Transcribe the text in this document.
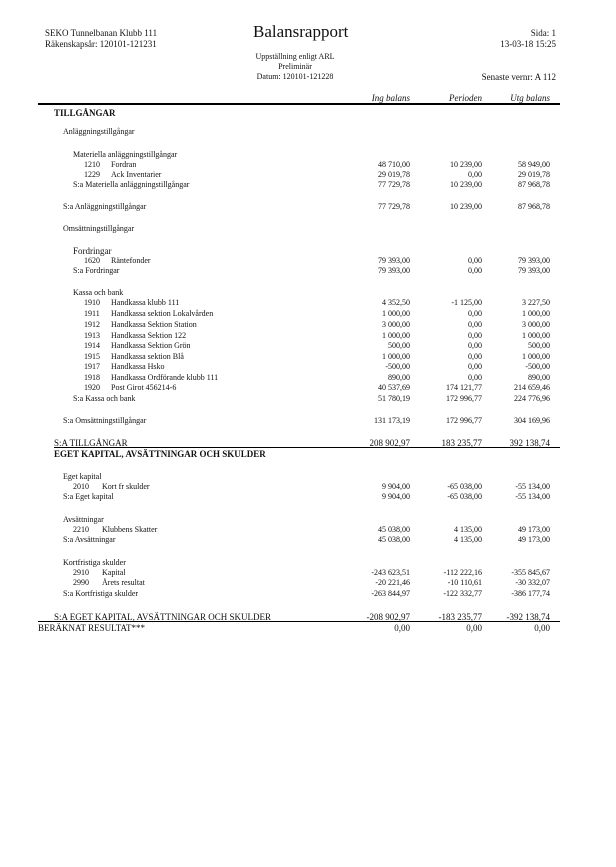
SEKO Tunnelbanan Klubb 111
Räkenskapsår: 120101-121231
Balansrapport
Uppställning enligt ARL
Preliminär
Datum: 120101-121228
Sida: 1
13-03-18 15:25
Senaste vernr: A 112
Ing balans	Perioden	Utg balans
TILLGÅNGAR
Anläggningstillgångar
Materiella anläggningstillgångar
1210 Fordran	48 710,00	10 239,00	58 949,00
1229 Ack Inventarier	29 019,78	0,00	29 019,78
S:a Materiella anläggningstillgångar	77 729,78	10 239,00	87 968,78
S:a Anläggningstillgångar	77 729,78	10 239,00	87 968,78
Omsättningstillgångar
Fordringar
1620 Räntefonder	79 393,00	0,00	79 393,00
S:a Fordringar	79 393,00	0,00	79 393,00
Kassa och bank
1910 Handkassa klubb 111	4 352,50	-1 125,00	3 227,50
1911 Handkassa sektion Lokalvården	1 000,00	0,00	1 000,00
1912 Handkassa Sektion Station	3 000,00	0,00	3 000,00
1913 Handkassa Sektion 122	1 000,00	0,00	1 000,00
1914 Handkassa Sektion Grön	500,00	0,00	500,00
1915 Handkassa sektion Blå	1 000,00	0,00	1 000,00
1917 Handkassa Hsko	-500,00	0,00	-500,00
1918 Handkassa Ordförande klubb 111	890,00	0,00	890,00
1920 Post Girot 456214-6	40 537,69	174 121,77	214 659,46
S:a Kassa och bank	51 780,19	172 996,77	224 776,96
S:a Omsättningstillgångar	131 173,19	172 996,77	304 169,96
S:A TILLGÅNGAR	208 902,97	183 235,77	392 138,74
EGET KAPITAL, AVSÄTTNINGAR OCH SKULDER
Eget kapital
2010 Kort fr skulder	9 904,00	-65 038,00	-55 134,00
S:a Eget kapital	9 904,00	-65 038,00	-55 134,00
Avsättningar
2210 Klubbens Skatter	45 038,00	4 135,00	49 173,00
S:a Avsättningar	45 038,00	4 135,00	49 173,00
Kortfristiga skulder
2910 Kapital	-243 623,51	-112 222,16	-355 845,67
2990 Årets resultat	-20 221,46	-10 110,61	-30 332,07
S:a Kortfristiga skulder	-263 844,97	-122 332,77	-386 177,74
S:A EGET KAPITAL, AVSÄTTNINGAR OCH SKULDER	-208 902,97	-183 235,77	-392 138,74
BERÄKNAT RESULTAT***	0,00	0,00	0,00
